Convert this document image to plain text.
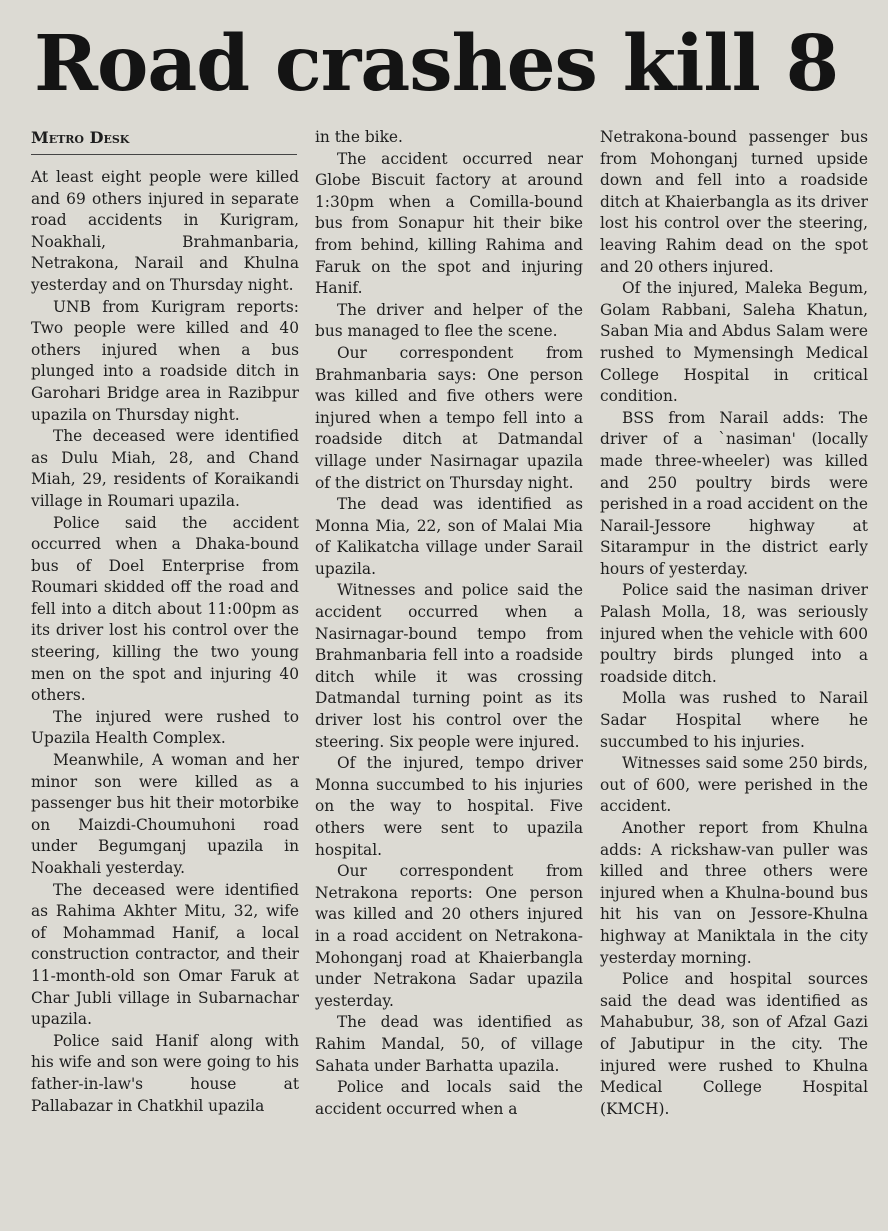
Road crashes kill 8
Metro Desk

At least eight people were killed and 69 others injured in separate road accidents in Kurigram, Noakhali, Brahmanbaria, Netrakona, Narail and Khulna yesterday and on Thursday night.

UNB from Kurigram reports: Two people were killed and 40 others injured when a bus plunged into a roadside ditch in Garohari Bridge area in Razibpur upazila on Thursday night.

The deceased were identified as Dulu Miah, 28, and Chand Miah, 29, residents of Koraikandi village in Roumari upazila.

Police said the accident occurred when a Dhaka-bound bus of Doel Enterprise from Roumari skidded off the road and fell into a ditch about 11:00pm as its driver lost his control over the steering, killing the two young men on the spot and injuring 40 others.

The injured were rushed to Upazila Health Complex.

Meanwhile, A woman and her minor son were killed as a passenger bus hit their motorbike on Maizdi-Choumuhoni road under Begumganj upazila in Noakhali yesterday.

The deceased were identified as Rahima Akhter Mitu, 32, wife of Mohammad Hanif, a local construction contractor, and their 11-month-old son Omar Faruk at Char Jubli village in Subarnachar upazila.

Police said Hanif along with his wife and son were going to his father-in-law's house at Pallabazar in Chatkhil upazila

in the bike.

The accident occurred near Globe Biscuit factory at around 1:30pm when a Comilla-bound bus from Sonapur hit their bike from behind, killing Rahima and Faruk on the spot and injuring Hanif.

The driver and helper of the bus managed to flee the scene.

Our correspondent from Brahmanbaria says: One person was killed and five others were injured when a tempo fell into a roadside ditch at Datmandal village under Nasirnagar upazila of the district on Thursday night.

The dead was identified as Monna Mia, 22, son of Malai Mia of Kalikatcha village under Sarail upazila.

Witnesses and police said the accident occurred when a Nasirnagar-bound tempo from Brahmanbaria fell into a roadside ditch while it was crossing Datmandal turning point as its driver lost his control over the steering. Six people were injured.

Of the injured, tempo driver Monna succumbed to his injuries on the way to hospital. Five others were sent to upazila hospital.

Our correspondent from Netrakona reports: One person was killed and 20 others injured in a road accident on Netrakona-Mohonganj road at Khaierbangla under Netrakona Sadar upazila yesterday.

The dead was identified as Rahim Mandal, 50, of village Sahata under Barhatta upazila.

Police and locals said the accident occurred when a

Netrakona-bound passenger bus from Mohonganj turned upside down and fell into a roadside ditch at Khaierbangla as its driver lost his control over the steering, leaving Rahim dead on the spot and 20 others injured.

Of the injured, Maleka Begum, Golam Rabbani, Saleha Khatun, Saban Mia and Abdus Salam were rushed to Mymensingh Medical College Hospital in critical condition.

BSS from Narail adds: The driver of a `nasiman' (locally made three-wheeler) was killed and 250 poultry birds were perished in a road accident on the Narail-Jessore highway at Sitarampur in the district early hours of yesterday.

Police said the nasiman driver Palash Molla, 18, was seriously injured when the vehicle with 600 poultry birds plunged into a roadside ditch.

Molla was rushed to Narail Sadar Hospital where he succumbed to his injuries.

Witnesses said some 250 birds, out of 600, were perished in the accident.

Another report from Khulna adds: A rickshaw-van puller was killed and three others were injured when a Khulna-bound bus hit his van on Jessore-Khulna highway at Maniktala in the city yesterday morning.

Police and hospital sources said the dead was identified as Mahabubur, 38, son of Afzal Gazi of Jabutipur in the city. The injured were rushed to Khulna Medical College Hospital (KMCH).
